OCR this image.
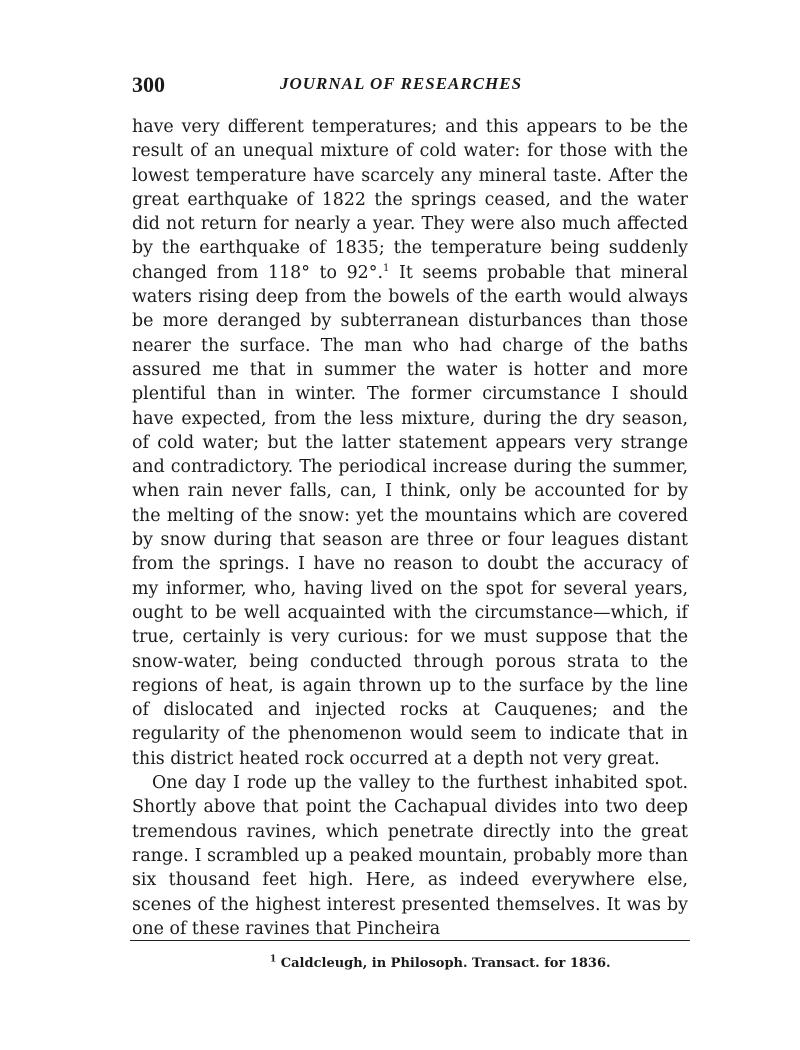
300	JOURNAL OF RESEARCHES

have very different temperatures; and this appears to be the result of an unequal mixture of cold water: for those with the lowest temperature have scarcely any mineral taste. After the great earthquake of 1822 the springs ceased, and the water did not return for nearly a year. They were also much affected by the earthquake of 1835; the temperature being suddenly changed from 118° to 92°.$^1$ It seems probable that mineral waters rising deep from the bowels of the earth would always be more deranged by subterranean disturbances than those nearer the surface. The man who had charge of the baths assured me that in summer the water is hotter and more plentiful than in winter. The former circumstance I should have expected, from the less mixture, during the dry season, of cold water; but the latter statement appears very strange and contradictory. The periodical increase during the summer, when rain never falls, can, I think, only be accounted for by the melting of the snow: yet the mountains which are covered by snow during that season are three or four leagues distant from the springs. I have no reason to doubt the accuracy of my informer, who, having lived on the spot for several years, ought to be well acquainted with the circumstance—which, if true, certainly is very curious: for we must suppose that the snow-water, being conducted through porous strata to the regions of heat, is again thrown up to the surface by the line of dislocated and injected rocks at Cauquenes; and the regularity of the phenomenon would seem to indicate that in this district heated rock occurred at a depth not very great.

One day I rode up the valley to the furthest inhabited spot. Shortly above that point the Cachapual divides into two deep tremendous ravines, which penetrate directly into the great range. I scrambled up a peaked mountain, probably more than six thousand feet high. Here, as indeed everywhere else, scenes of the highest interest presented themselves. It was by one of these ravines that Pincheira

$^1$ Caldcleugh, in Philosoph. Transact. for 1836.
